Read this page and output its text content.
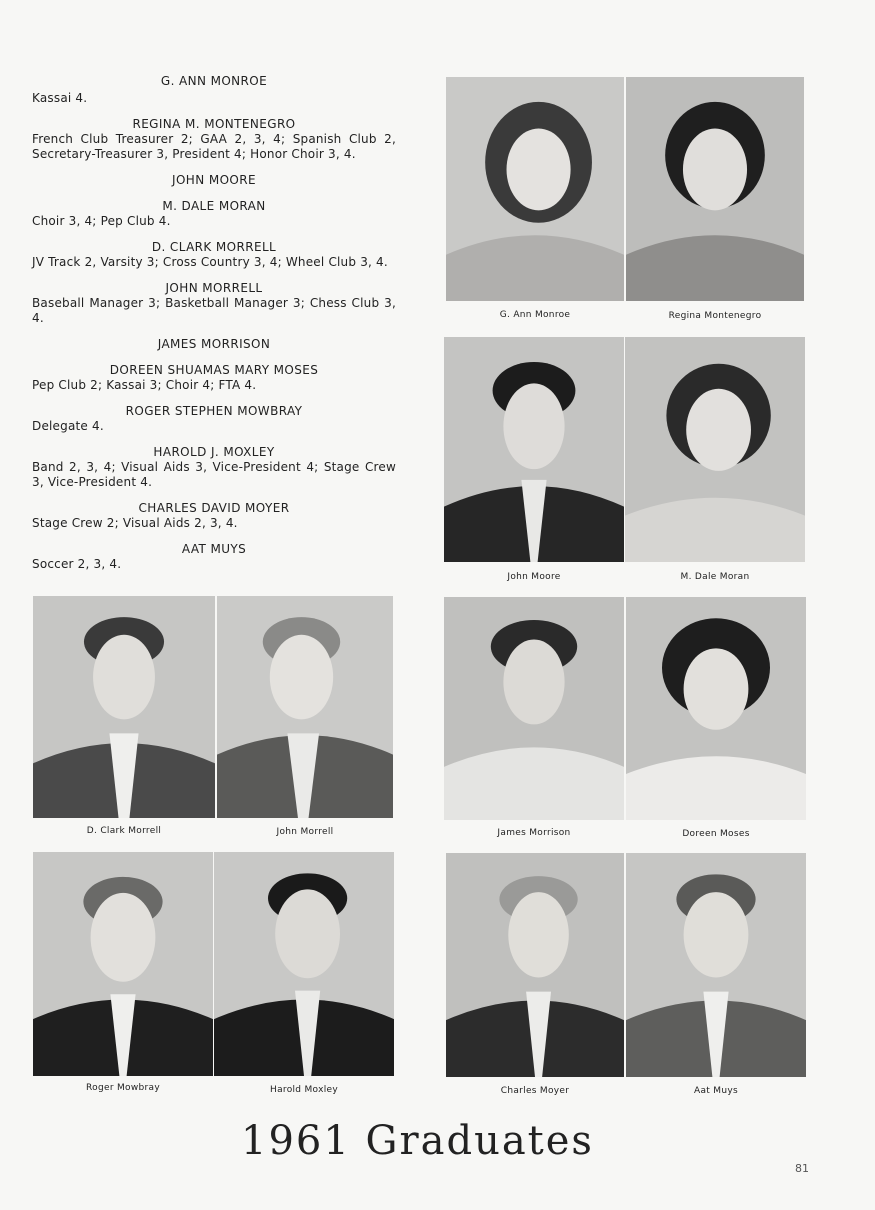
G. ANN MONROE

Kassai 4.

REGINA M. MONTENEGRO

French Club Treasurer 2; GAA 2, 3, 4; Spanish Club 2, Secretary-Treasurer 3, President 4; Honor Choir 3, 4.

JOHN MOORE

M. DALE MORAN

Choir 3, 4; Pep Club 4.

D. CLARK MORRELL

JV Track 2, Varsity 3; Cross Country 3, 4; Wheel Club 3, 4.

JOHN MORRELL

Baseball Manager 3; Basketball Manager 3; Chess Club 3, 4.

JAMES MORRISON

DOREEN SHUAMAS MARY MOSES

Pep Club 2; Kassai 3; Choir 4; FTA 4.

ROGER STEPHEN MOWBRAY

Delegate 4.

HAROLD J. MOXLEY

Band 2, 3, 4; Visual Aids 3, Vice-President 4; Stage Crew 3, Vice-President 4.

CHARLES DAVID MOYER

Stage Crew 2; Visual Aids 2, 3, 4.

AAT MUYS

Soccer 2, 3, 4.

G. Ann Monroe	Regina Montenegro
John Moore	M. Dale Moran
D. Clark Morrell	John Morrell	James Morrison	Doreen Moses
Roger Mowbray	Harold Moxley	Charles Moyer	Aat Muys
1961 Graduates
81
